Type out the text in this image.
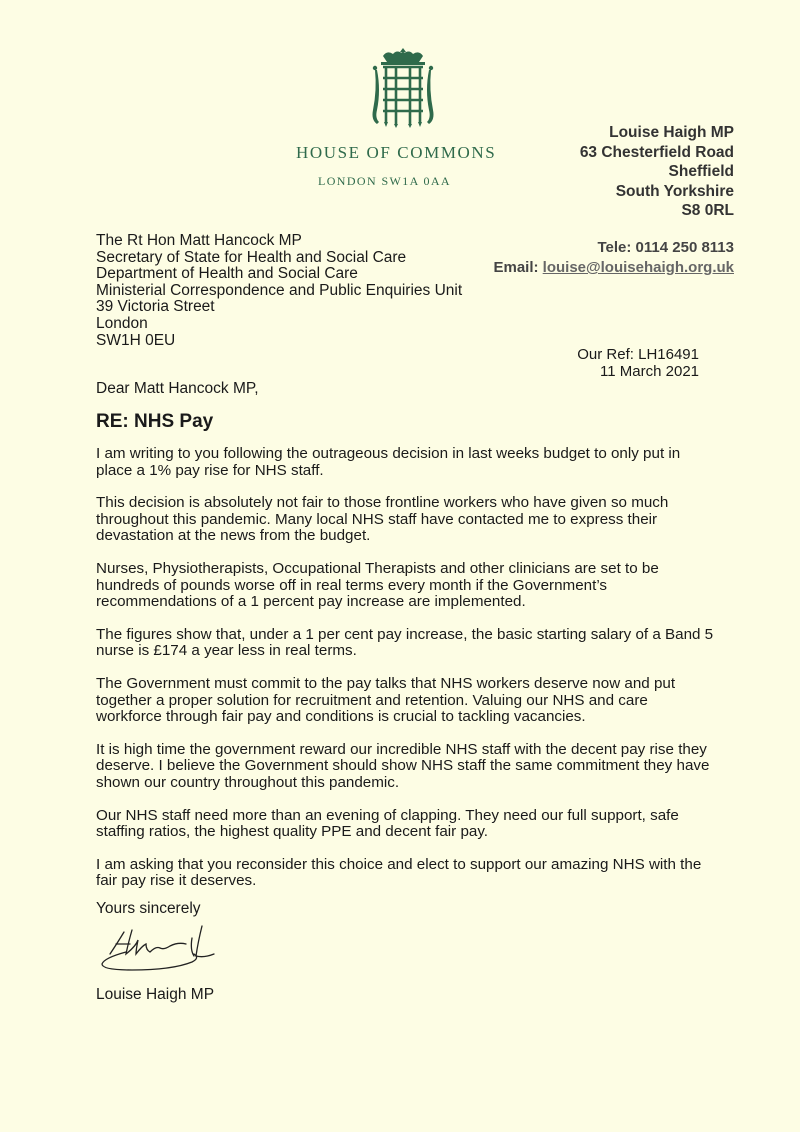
HOUSE OF COMMONS
LONDON SW1A 0AA
Louise Haigh MP
63 Chesterfield Road
Sheffield
South Yorkshire
S8 0RL
Tele: 0114 250 8113
Email: louise@louisehaigh.org.uk
The Rt Hon Matt Hancock MP
Secretary of State for Health and Social Care
Department of Health and Social Care
Ministerial Correspondence and Public Enquiries Unit
39 Victoria Street
London
SW1H 0EU
Our Ref: LH16491
11 March 2021
Dear Matt Hancock MP,
RE: NHS Pay

I am writing to you following the outrageous decision in last weeks budget to only put in place a 1% pay rise for NHS staff.

This decision is absolutely not fair to those frontline workers who have given so much throughout this pandemic. Many local NHS staff have contacted me to express their devastation at the news from the budget.

Nurses, Physiotherapists, Occupational Therapists and other clinicians are set to be hundreds of pounds worse off in real terms every month if the Government’s recommendations of a 1 percent pay increase are implemented.

The figures show that, under a 1 per cent pay increase, the basic starting salary of a Band 5 nurse is £174 a year less in real terms.

The Government must commit to the pay talks that NHS workers deserve now and put together a proper solution for recruitment and retention. Valuing our NHS and care workforce through fair pay and conditions is crucial to tackling vacancies.

It is high time the government reward our incredible NHS staff with the decent pay rise they deserve. I believe the Government should show NHS staff the same commitment they have shown our country throughout this pandemic.

Our NHS staff need more than an evening of clapping. They need our full support, safe staffing ratios, the highest quality PPE and decent fair pay.

I am asking that you reconsider this choice and elect to support our amazing NHS with the fair pay rise it deserves.

Yours sincerely
Louise Haigh MP
